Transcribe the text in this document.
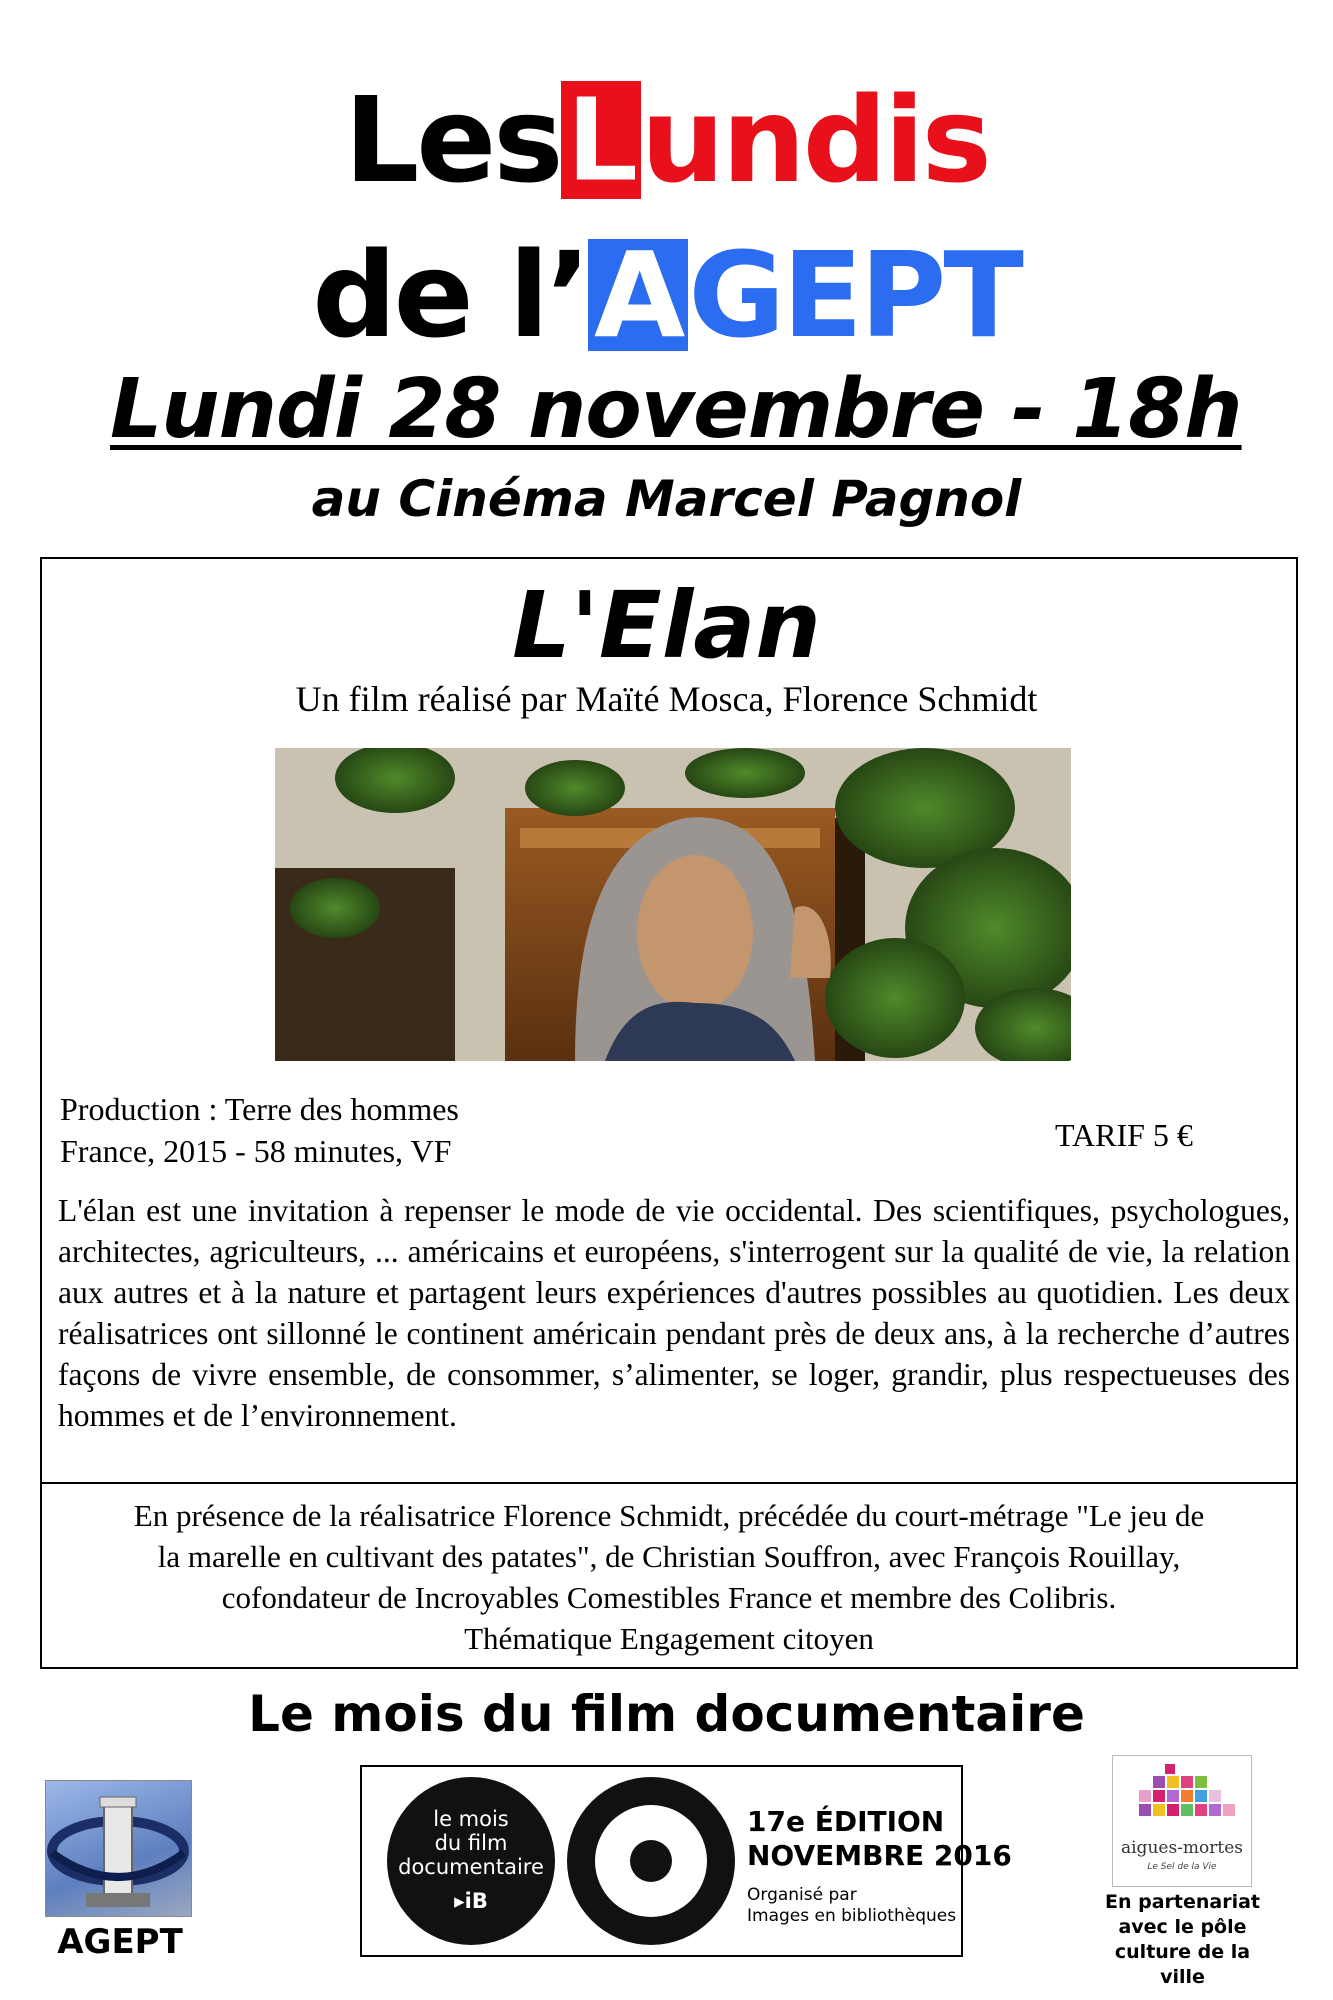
LesLundis
de l’AGEPT
Lundi 28 novembre - 18h
au Cinéma Marcel Pagnol
L'Elan
Un film réalisé par Maïté Mosca, Florence Schmidt
Production : Terre des hommes
France, 2015 - 58 minutes, VF	TARIF 5 €
L'élan est une invitation à repenser le mode de vie occidental. Des scientifiques, psychologues, architectes, agriculteurs, ... américains et européens, s'interrogent sur la qualité de vie, la relation aux autres et à la nature et partagent leurs expériences d'autres possibles au quotidien. Les deux réalisatrices ont sillonné le continent américain pendant près de deux ans, à la recherche d’autres façons de vivre ensemble, de consommer, s’alimenter, se loger, grandir, plus respectueuses des hommes et de l’environnement.
En présence de la réalisatrice Florence Schmidt, précédée du court-métrage "Le jeu de
la marelle en cultivant des patates", de Christian Souffron, avec François Rouillay,
cofondateur de Incroyables Comestibles France et membre des Colibris.
Thématique Engagement citoyen
Le mois du film documentaire
AGEPT
le mois
du film
documentaire
▸iB
17e ÉDITION
NOVEMBRE 2016
Organisé par
Images en bibliothèques
aigues-mortes
Le Sel de la Vie
En partenariat
avec le pôle
culture de la
ville
